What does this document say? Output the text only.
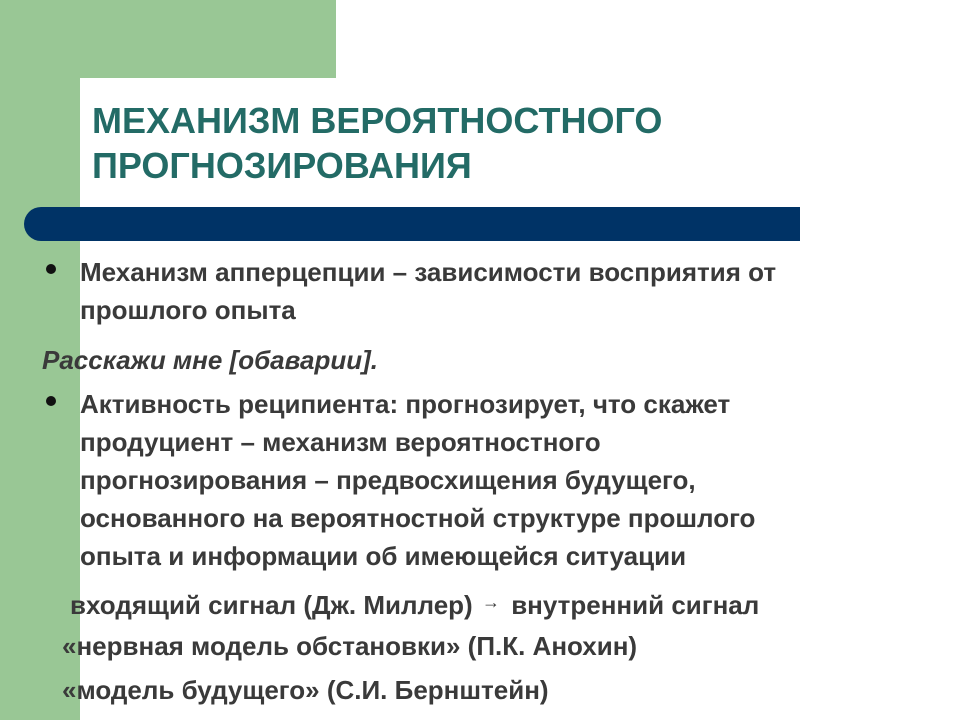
МЕХАНИЗМ ВЕРОЯТНОСТНОГО
ПРОГНОЗИРОВАНИЯ

Механизм апперцепции – зависимости восприятия от
прошлого опыта

Расскажи мне [обаварии].

Активность реципиента: прогнозирует, что скажет
продуциент – механизм вероятностного
прогнозирования – предвосхищения будущего,
основанного на вероятностной структуре прошлого
опыта и информации об имеющейся ситуации

входящий сигнал (Дж. Миллер) → внутренний сигнал

«нервная модель обстановки» (П.К. Анохин)

«модель будущего» (С.И. Бернштейн)
